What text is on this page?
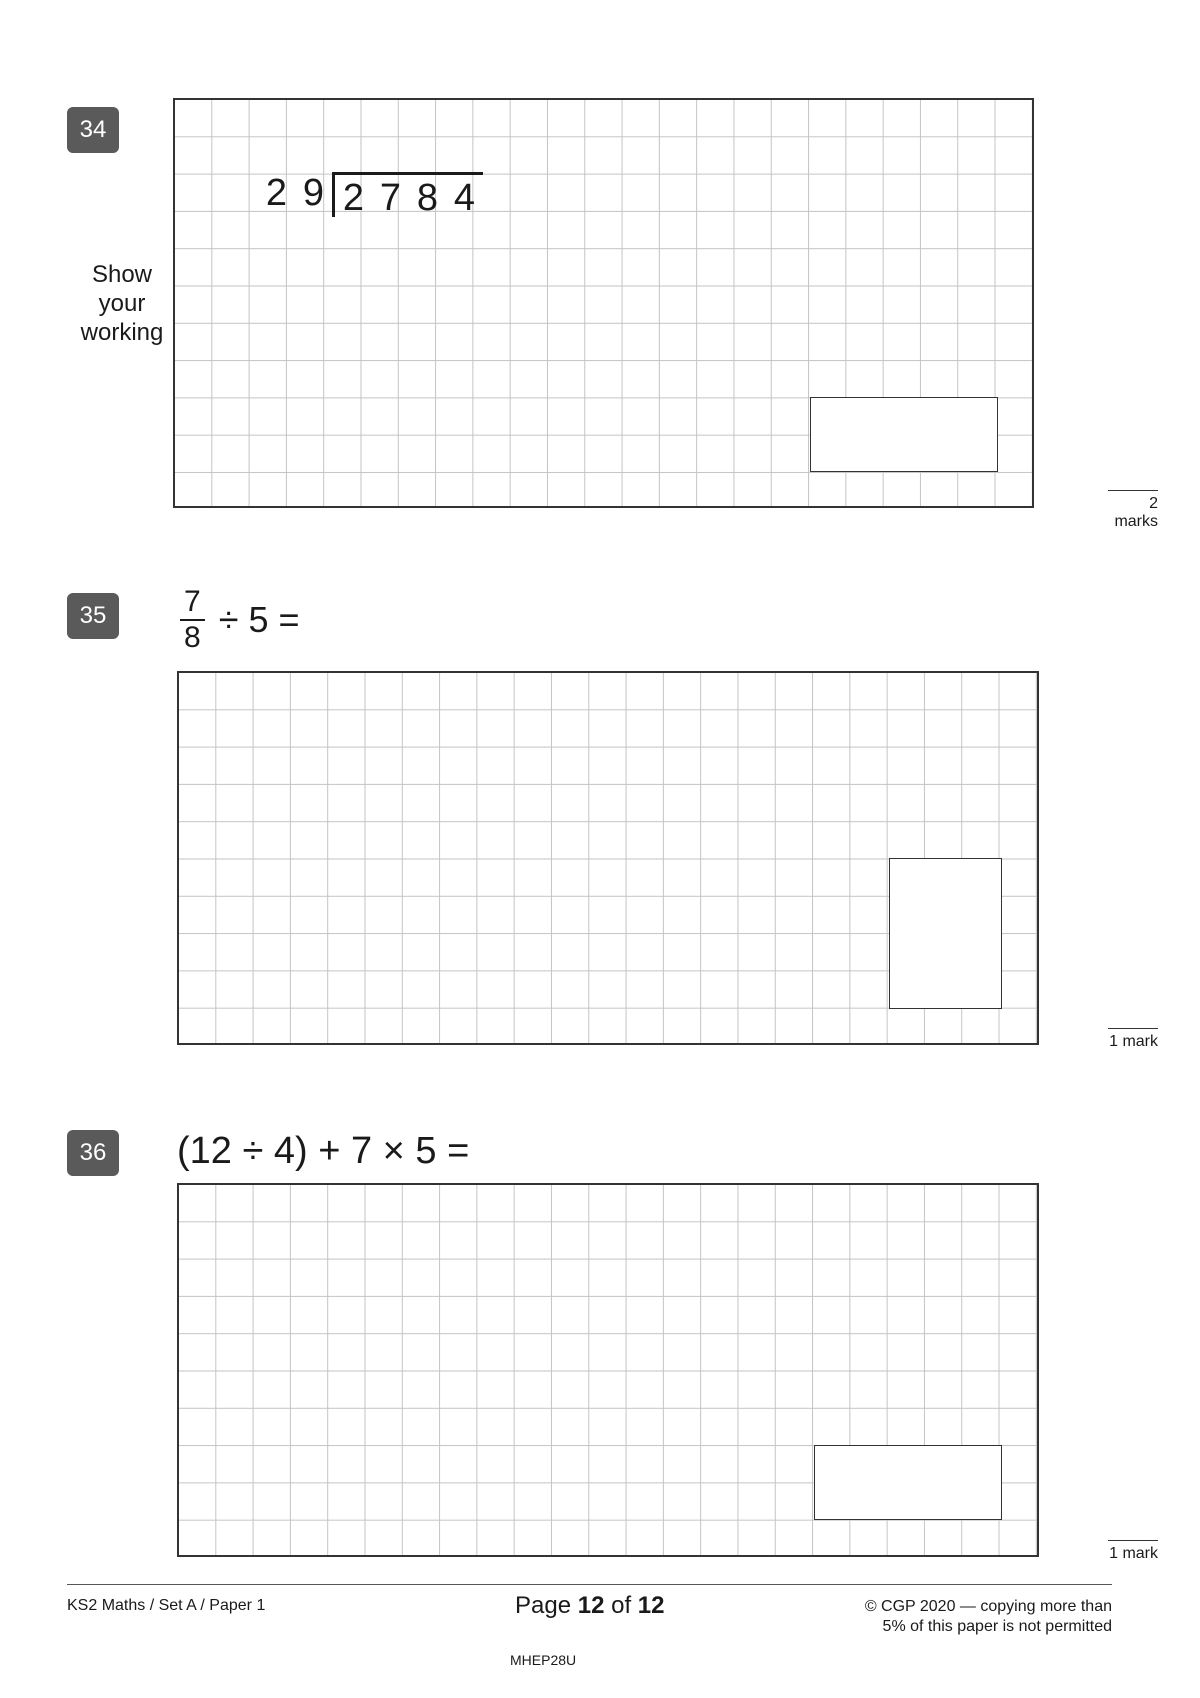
34
Show
your
working
2 9 2 7 8 4
2 marks
35	$\frac{7}{8} \div 5$ =
1 mark
36	(12 ÷ 4) + 7 × 5 =
1 mark
KS2 Maths / Set A / Paper 1	Page 12 of 12	© CGP 2020 — copying more than
5% of this paper is not permitted
MHEP28U
